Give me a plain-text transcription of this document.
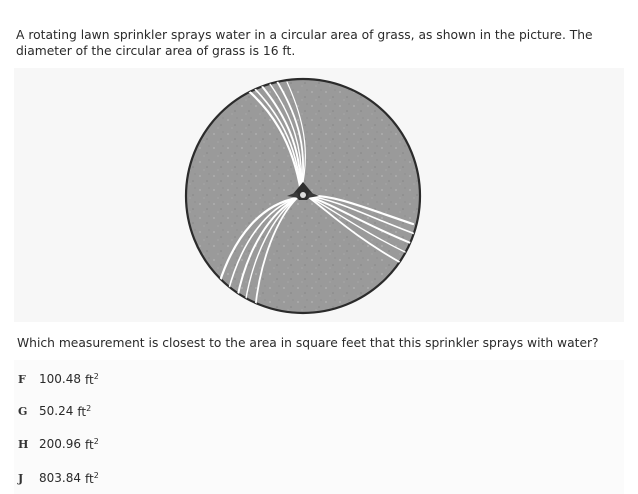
A rotating lawn sprinkler sprays water in a circular area of grass, as shown in the picture. The diameter of the circular area of grass is 16 ft.
Which measurement is closest to the area in square feet that this sprinkler sprays with water?
F	100.48 $ft^2$
G 50.24 $ft^2$
H 200.96 $ft^2$
J	803.84 $ft^2$
